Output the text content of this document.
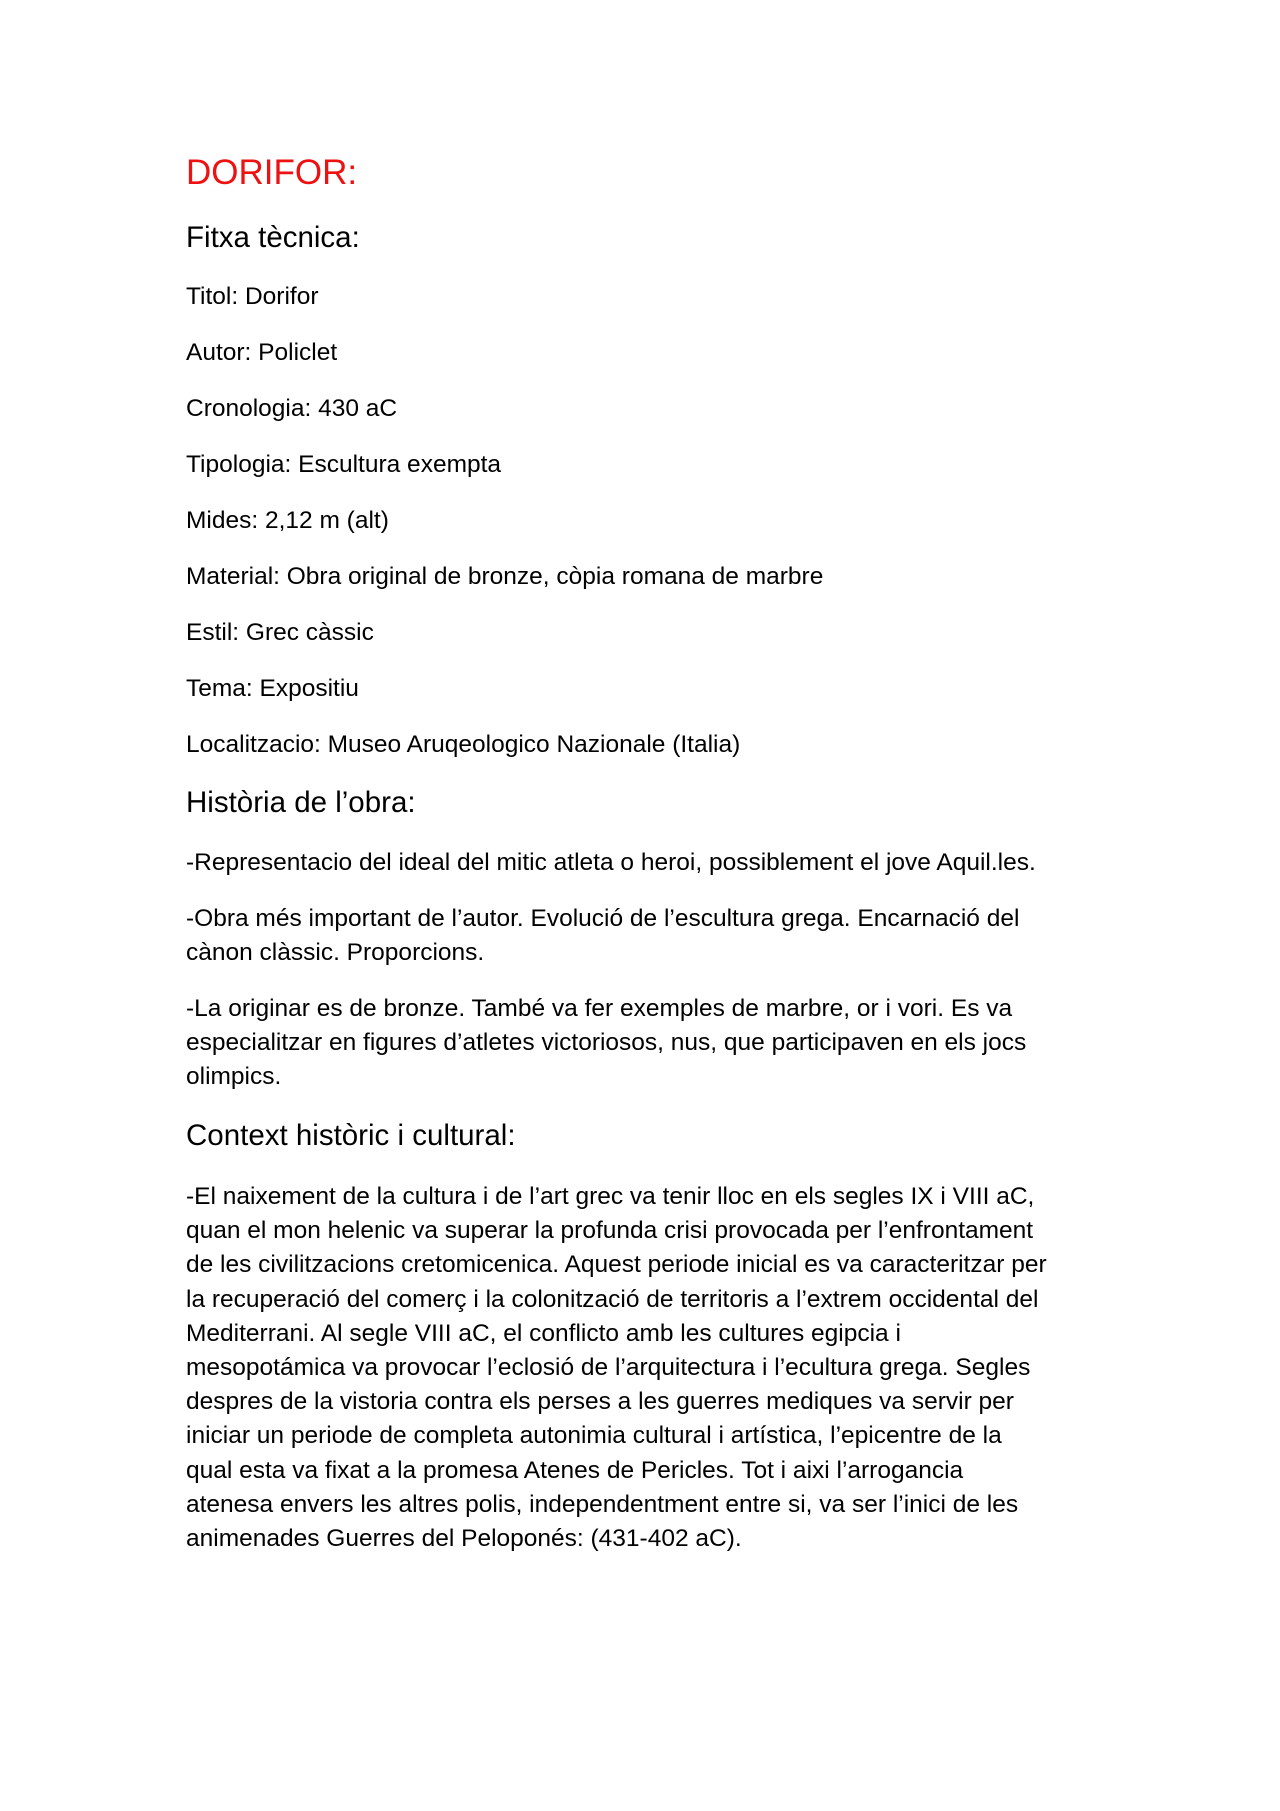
DORIFOR:
Fitxa tècnica:

Titol: Dorifor

Autor: Policlet

Cronologia: 430 aC

Tipologia: Escultura exempta

Mides: 2,12 m (alt)

Material: Obra original de bronze, còpia romana de marbre

Estil: Grec càssic

Tema: Expositiu

Localitzacio: Museo Aruqeologico Nazionale (Italia)

Història de l’obra:
-Representacio del ideal del mitic atleta o heroi, possiblement el jove Aquil.les.
-Obra més important de l’autor. Evolució de l’escultura grega. Encarnació del
cànon clàssic. Proporcions.
-La originar es de bronze. També va fer exemples de marbre, or i vori. Es va
especialitzar en figures d’atletes victoriosos, nus, que participaven en els jocs
olimpics.
Context històric i cultural:
-El naixement de la cultura i de l’art grec va tenir lloc en els segles IX i VIII aC,
quan el mon helenic va superar la profunda crisi provocada per l’enfrontament
de les civilitzacions cretomicenica. Aquest periode inicial es va caracteritzar per
la recuperació del comerç i la colonització de territoris a l’extrem occidental del
Mediterrani. Al segle VIII aC, el conflicto amb les cultures egipcia i
mesopotámica va provocar l’eclosió de l’arquitectura i l’ecultura grega. Segles
despres de la vistoria contra els perses a les guerres mediques va servir per
iniciar un periode de completa autonimia cultural i artística, l’epicentre de la
qual esta va fixat a la promesa Atenes de Pericles. Tot i aixi l’arrogancia
atenesa envers les altres polis, independentment entre si, va ser l’inici de les
animenades Guerres del Peloponés: (431-402 aC).
